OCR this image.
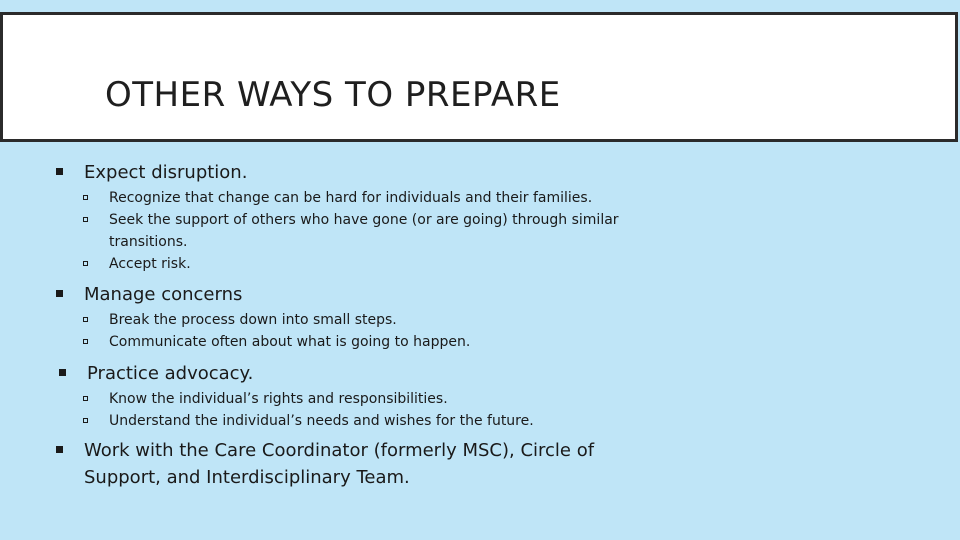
OTHER WAYS TO PREPARE
Expect disruption.
Recognize that change can be hard for individuals and their families.
Seek the support of others who have gone (or are going) through similar transitions.
Accept risk.
Manage concerns
Break the process down into small steps.
Communicate often about what is going to happen.
Practice advocacy.
Know the individual’s rights and responsibilities.
Understand the individual’s needs and wishes for the future.
Work with the Care Coordinator (formerly MSC), Circle of Support, and Interdisciplinary Team.
